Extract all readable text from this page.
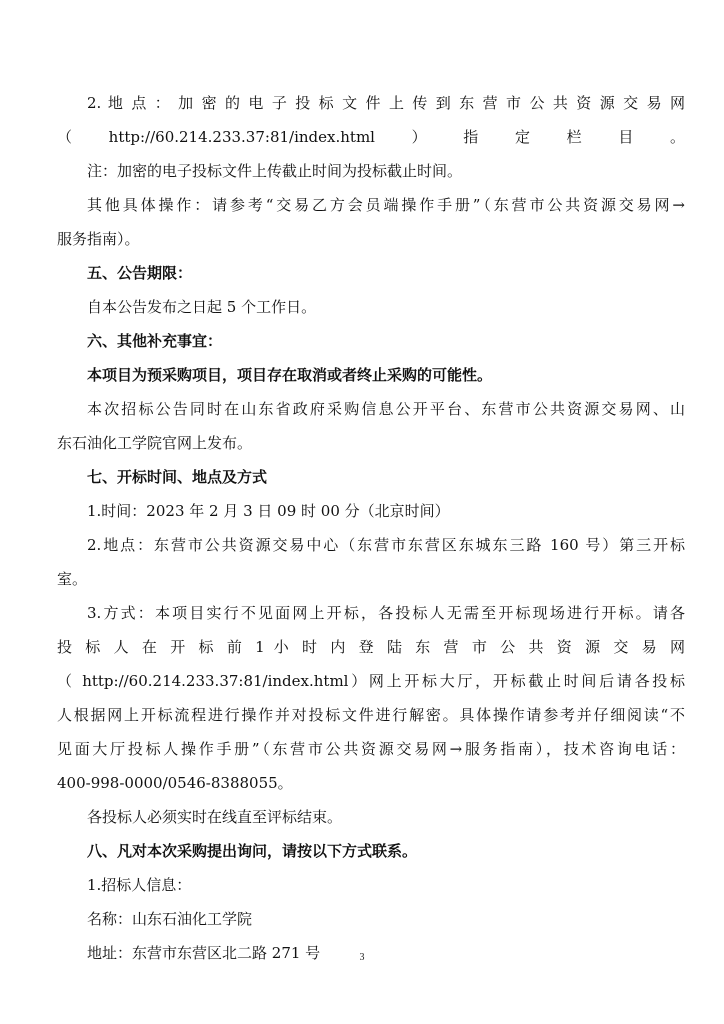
2. 地 点 ： 加 密 的 电 子 投 标 文 件 上 传 到 东 营 市 公 共 资 源 交 易 网

（http://60.214.233.37:81/index.html）指定栏目。

注：加密的电子投标文件上传截止时间为投标截止时间。

其他具体操作：请参考“交易乙方会员端操作手册”（东营市公共资源交易网→

服务指南）。

五、公告期限：

自本公告发布之日起 5 个工作日。

六、其他补充事宜：

本项目为预采购项目，项目存在取消或者终止采购的可能性。

本次招标公告同时在山东省政府采购信息公开平台、东营市公共资源交易网、山

东石油化工学院官网上发布。

七、开标时间、地点及方式

1.时间：2023 年 2 月 3 日 09 时 00 分（北京时间）

2.地点：东营市公共资源交易中心（东营市东营区东城东三路 160 号）第三开标

室。

3.方式：本项目实行不见面网上开标，各投标人无需至开标现场进行开标。请各

投 标 人 在 开 标 前 1 小 时 内 登 陆 东 营 市 公 共 资 源 交 易 网

（ http://60.214.233.37:81/index.html）网上开标大厅，开标截止时间后请各投标

人根据网上开标流程进行操作并对投标文件进行解密。具体操作请参考并仔细阅读“不

见面大厅投标人操作手册”（东营市公共资源交易网→服务指南），技术咨询电话：

400-998-0000/0546-8388055。

各投标人必须实时在线直至评标结束。

八、凡对本次采购提出询问，请按以下方式联系。

1.招标人信息：

名称：山东石油化工学院

地址：东营市东营区北二路 271 号	3
